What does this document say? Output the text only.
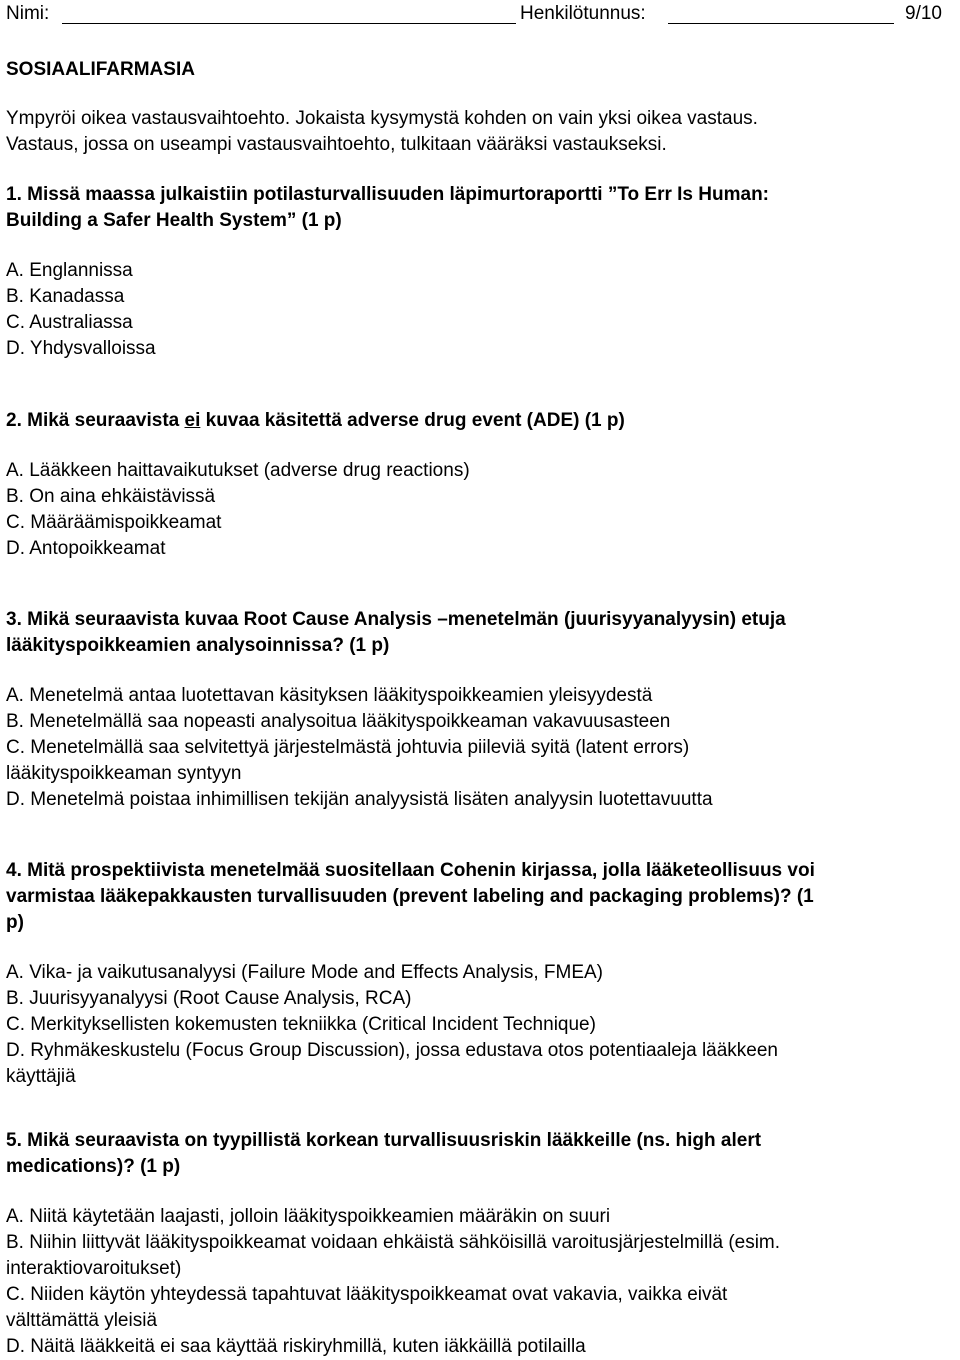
Nimi:	Henkilötunnus:	9/10
SOSIAALIFARMASIA
Ympyröi oikea vastausvaihtoehto. Jokaista kysymystä kohden on vain yksi oikea vastaus.
Vastaus, jossa on useampi vastausvaihtoehto, tulkitaan vääräksi vastaukseksi.
1. Missä maassa julkaistiin potilasturvallisuuden läpimurtoraportti ”To Err Is Human:
Building a Safer Health System” (1 p)
A. Englannissa
B. Kanadassa
C. Australiassa
D. Yhdysvalloissa
2. Mikä seuraavista ei kuvaa käsitettä adverse drug event (ADE) (1 p)
A. Lääkkeen haittavaikutukset (adverse drug reactions)
B. On aina ehkäistävissä
C. Määräämispoikkeamat
D. Antopoikkeamat
3. Mikä seuraavista kuvaa Root Cause Analysis –menetelmän (juurisyyanalyysin) etuja
lääkityspoikkeamien analysoinnissa? (1 p)
A. Menetelmä antaa luotettavan käsityksen lääkityspoikkeamien yleisyydestä
B. Menetelmällä saa nopeasti analysoitua lääkityspoikkeaman vakavuusasteen
C. Menetelmällä saa selvitettyä järjestelmästä johtuvia piileviä syitä (latent errors)
lääkityspoikkeaman syntyyn
D. Menetelmä poistaa inhimillisen tekijän analyysistä lisäten analyysin luotettavuutta
4. Mitä prospektiivista menetelmää suositellaan Cohenin kirjassa, jolla lääketeollisuus voi
varmistaa lääkepakkausten turvallisuuden (prevent labeling and packaging problems)? (1
p)
A. Vika- ja vaikutusanalyysi (Failure Mode and Effects Analysis, FMEA)
B. Juurisyyanalyysi (Root Cause Analysis, RCA)
C. Merkityksellisten kokemusten tekniikka (Critical Incident Technique)
D. Ryhmäkeskustelu (Focus Group Discussion), jossa edustava otos potentiaaleja lääkkeen
käyttäjiä
5. Mikä seuraavista on tyypillistä korkean turvallisuusriskin lääkkeille (ns. high alert
medications)? (1 p)
A. Niitä käytetään laajasti, jolloin lääkityspoikkeamien määräkin on suuri
B. Niihin liittyvät lääkityspoikkeamat voidaan ehkäistä sähköisillä varoitusjärjestelmillä (esim.
interaktiovaroitukset)
C. Niiden käytön yhteydessä tapahtuvat lääkityspoikkeamat ovat vakavia, vaikka eivät
välttämättä yleisiä
D. Näitä lääkkeitä ei saa käyttää riskiryhmillä, kuten iäkkäillä potilailla
